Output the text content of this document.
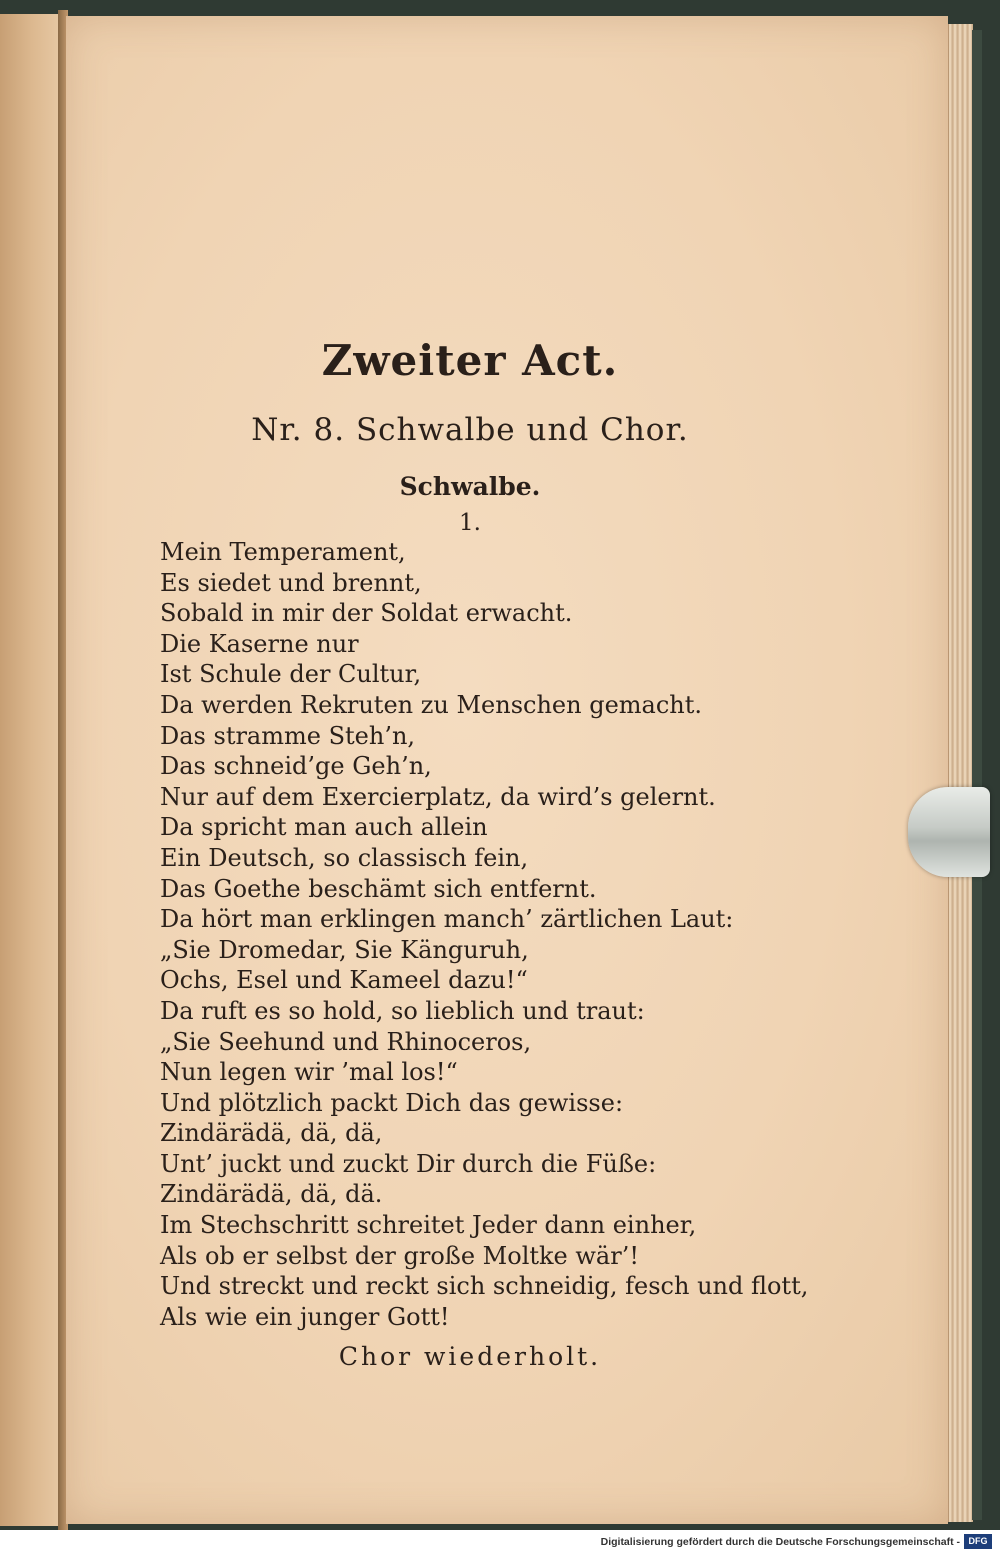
Zweiter Act.
Nr. 8. Schwalbe und Chor.
Schwalbe.
1.
Mein Temperament,
Es siedet und brennt,
Sobald in mir der Soldat erwacht.
Die Kaserne nur
Ist Schule der Cultur,
Da werden Rekruten zu Menschen gemacht.
Das stramme Steh’n,
Das schneid’ge Geh’n,
Nur auf dem Exercierplatz, da wird’s gelernt.
Da spricht man auch allein
Ein Deutsch, so classisch fein,
Das Goethe beschämt sich entfernt.
Da hört man erklingen manch’ zärtlichen Laut:
„Sie Dromedar, Sie Känguruh,
Ochs, Esel und Kameel dazu!“
Da ruft es so hold, so lieblich und traut:
„Sie Seehund und Rhinoceros,
Nun legen wir ’mal los!“
Und plötzlich packt Dich das gewisse:
Zindärädä, dä, dä,
Unt’ juckt und zuckt Dir durch die Füße:
Zindärädä, dä, dä.
Im Stechschritt schreitet Jeder dann einher,
Als ob er selbst der große Moltke wär’!
Und streckt und reckt sich schneidig, fesch und flott,
Als wie ein junger Gott!
Chor wiederholt.
Digitalisierung gefördert durch die Deutsche Forschungsgemeinschaft - DFG
